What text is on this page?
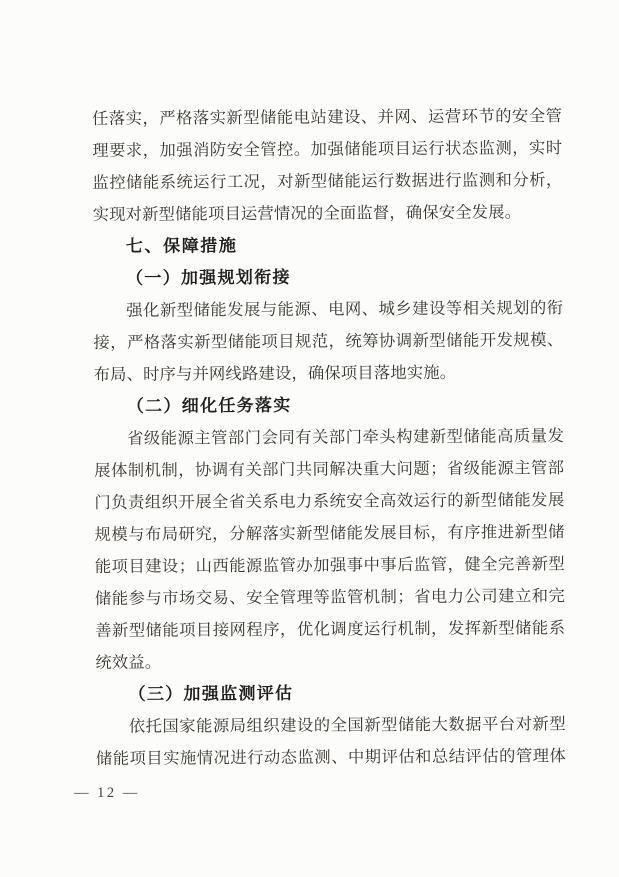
任落实，严格落实新型储能电站建设、并网、运营环节的安全管
理要求，加强消防安全管控。加强储能项目运行状态监测，实时
监控储能系统运行工况，对新型储能运行数据进行监测和分析，
实现对新型储能项目运营情况的全面监督，确保安全发展。
七、保障措施
（一）加强规划衔接
强化新型储能发展与能源、电网、城乡建设等相关规划的衔
接，严格落实新型储能项目规范，统筹协调新型储能开发规模、
布局、时序与并网线路建设，确保项目落地实施。
（二）细化任务落实
省级能源主管部门会同有关部门牵头构建新型储能高质量发
展体制机制，协调有关部门共同解决重大问题；省级能源主管部
门负责组织开展全省关系电力系统安全高效运行的新型储能发展
规模与布局研究，分解落实新型储能发展目标，有序推进新型储
能项目建设；山西能源监管办加强事中事后监管，健全完善新型
储能参与市场交易、安全管理等监管机制；省电力公司建立和完
善新型储能项目接网程序，优化调度运行机制，发挥新型储能系
统效益。
（三）加强监测评估
依托国家能源局组织建设的全国新型储能大数据平台对新型
储能项目实施情况进行动态监测、中期评估和总结评估的管理体
— 12 —
